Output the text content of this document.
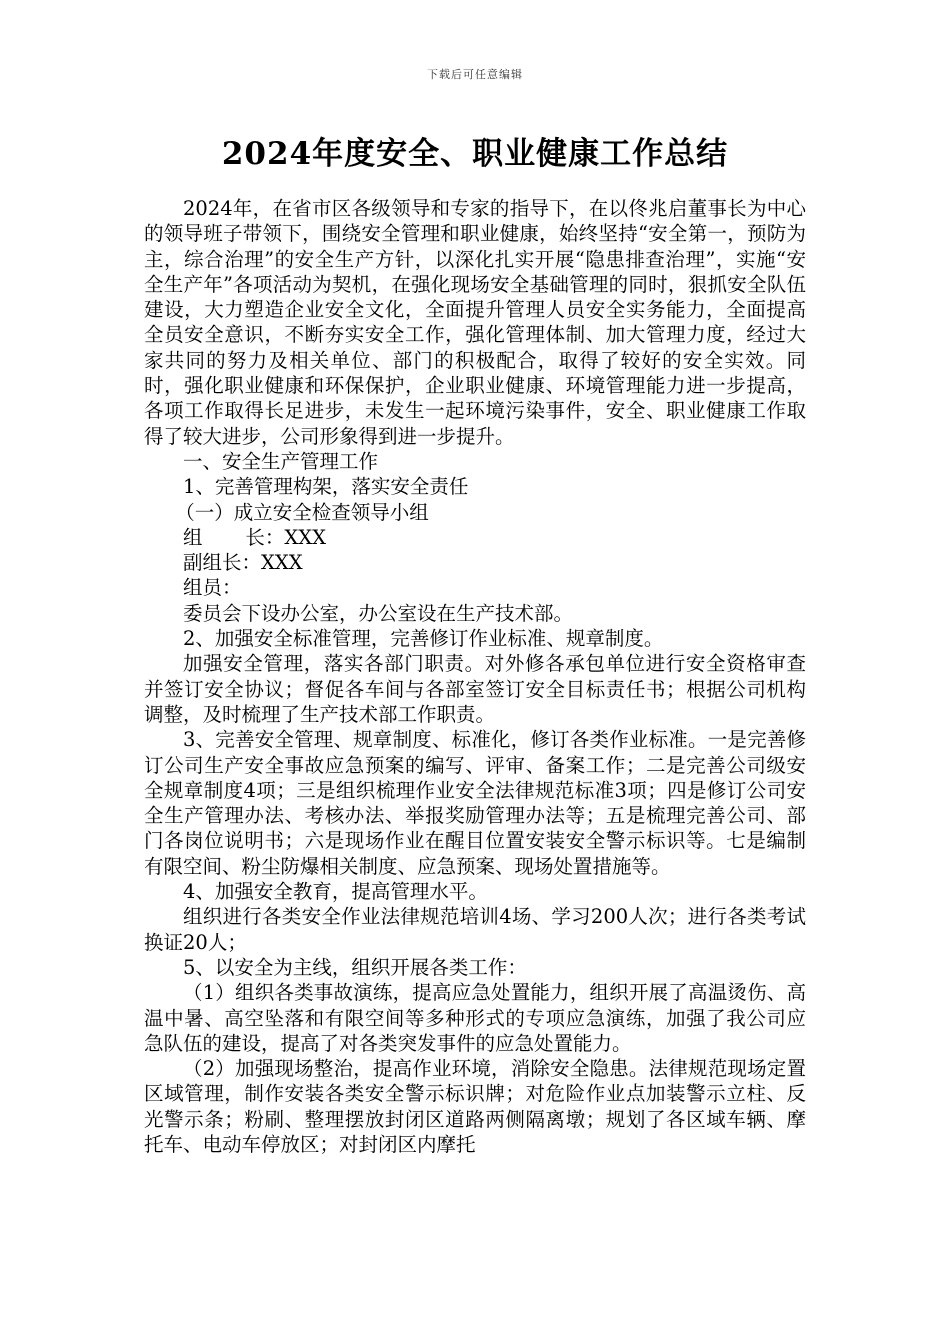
下载后可任意编辑
2024年度安全、职业健康工作总结

2024年，在省市区各级领导和专家的指导下，在以佟兆启董事长为中心的领导班子带领下，围绕安全管理和职业健康，始终坚持“安全第一，预防为主，综合治理”的安全生产方针，以深化扎实开展“隐患排查治理”，实施“安全生产年”各项活动为契机，在强化现场安全基础管理的同时，狠抓安全队伍建设，大力塑造企业安全文化，全面提升管理人员安全实务能力，全面提高全员安全意识，不断夯实安全工作，强化管理体制、加大管理力度，经过大家共同的努力及相关单位、部门的积极配合，取得了较好的安全实效。同时，强化职业健康和环保保护，企业职业健康、环境管理能力进一步提高，各项工作取得长足进步，未发生一起环境污染事件，安全、职业健康工作取得了较大进步，公司形象得到进一步提升。

一、安全生产管理工作

1、完善管理构架，落实安全责任

（一）成立安全检查领导小组

组 长：XXX

副组长：XXX

组员：

委员会下设办公室，办公室设在生产技术部。

2、加强安全标准管理，完善修订作业标准、规章制度。

加强安全管理，落实各部门职责。对外修各承包单位进行安全资格审查并签订安全协议；督促各车间与各部室签订安全目标责任书；根据公司机构调整，及时梳理了生产技术部工作职责。

3、完善安全管理、规章制度、标准化，修订各类作业标准。一是完善修订公司生产安全事故应急预案的编写、评审、备案工作；二是完善公司级安全规章制度4项；三是组织梳理作业安全法律规范标准3项；四是修订公司安全生产管理办法、考核办法、举报奖励管理办法等；五是梳理完善公司、部门各岗位说明书；六是现场作业在醒目位置安装安全警示标识等。七是编制有限空间、粉尘防爆相关制度、应急预案、现场处置措施等。

4、加强安全教育，提高管理水平。

组织进行各类安全作业法律规范培训4场、学习200人次；进行各类考试换证20人；

5、以安全为主线，组织开展各类工作：

（1）组织各类事故演练，提高应急处置能力，组织开展了高温烫伤、高温中暑、高空坠落和有限空间等多种形式的专项应急演练，加强了我公司应急队伍的建设，提高了对各类突发事件的应急处置能力。

（2）加强现场整治，提高作业环境，消除安全隐患。法律规范现场定置区域管理，制作安装各类安全警示标识牌；对危险作业点加装警示立柱、反光警示条；粉刷、整理摆放封闭区道路两侧隔离墩；规划了各区域车辆、摩托车、电动车停放区；对封闭区内摩托
